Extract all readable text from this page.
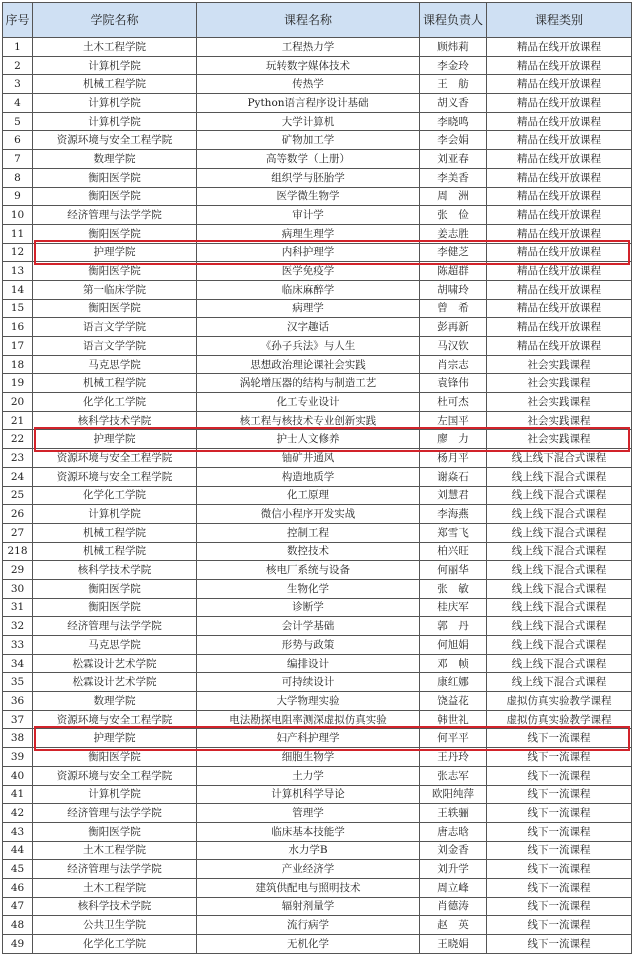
序号	学院名称	课程名称	课程负责人	课程类别
1	土木工程学院	工程热力学	顾炜莉	精品在线开放课程
2	计算机学院	玩转数字媒体技术	李金玲	精品在线开放课程
3	机械工程学院	传热学	王　舫	精品在线开放课程
4	计算机学院	Python语言程序设计基础	胡义香	精品在线开放课程
5	计算机学院	大学计算机	李晓鸣	精品在线开放课程
6	资源环境与安全工程学院	矿物加工学	李会娟	精品在线开放课程
7	数理学院	高等数学（上册）	刘亚春	精品在线开放课程
8	衡阳医学院	组织学与胚胎学	李美香	精品在线开放课程
9	衡阳医学院	医学微生物学	周　洲	精品在线开放课程
10	经济管理与法学学院	审计学	张　俭	精品在线开放课程
11	衡阳医学院	病理生理学	姜志胜	精品在线开放课程
12	护理学院	内科护理学	李健芝	精品在线开放课程
13	衡阳医学院	医学免疫学	陈超群	精品在线开放课程
14	第一临床学院	临床麻醉学	胡啸玲	精品在线开放课程
15	衡阳医学院	病理学	曾　希	精品在线开放课程
16	语言文学学院	汉字趣话	彭再新	精品在线开放课程
17	语言文学学院	《孙子兵法》与人生	马汉钦	精品在线开放课程
18	马克思学院	思想政治理论课社会实践	肖宗志	社会实践课程
19	机械工程学院	涡轮增压器的结构与制造工艺	袁锋伟	社会实践课程
20	化学化工学院	化工专业设计	杜可杰	社会实践课程
21	核科学技术学院	核工程与核技术专业创新实践	左国平	社会实践课程
22	护理学院	护士人文修养	廖　力	社会实践课程
23	资源环境与安全工程学院	铀矿井通风	杨月平	线上线下混合式课程
24	资源环境与安全工程学院	构造地质学	谢焱石	线上线下混合式课程
25	化学化工学院	化工原理	刘慧君	线上线下混合式课程
26	计算机学院	微信小程序开发实战	李海燕	线上线下混合式课程
27	机械工程学院	控制工程	郑雪飞	线上线下混合式课程
218	机械工程学院	数控技术	柏兴旺	线上线下混合式课程
29	核科学技术学院	核电厂系统与设备	何丽华	线上线下混合式课程
30	衡阳医学院	生物化学	张　敏	线上线下混合式课程
31	衡阳医学院	诊断学	桂庆军	线上线下混合式课程
32	经济管理与法学学院	会计学基础	郭　丹	线上线下混合式课程
33	马克思学院	形势与政策	何旭娟	线上线下混合式课程
34	松霖设计艺术学院	编排设计	邓　帧	线上线下混合式课程
35	松霖设计艺术学院	可持续设计	康红娜	线上线下混合式课程
36	数理学院	大学物理实验	饶益花	虚拟仿真实验教学课程
37	资源环境与安全工程学院	电法勘探电阻率测深虚拟仿真实验	韩世礼	虚拟仿真实验教学课程
38	护理学院	妇产科护理学	何平平	线下一流课程
39	衡阳医学院	细胞生物学	王丹玲	线下一流课程
40	资源环境与安全工程学院	土力学	张志军	线下一流课程
41	计算机学院	计算机科学导论	欧阳纯萍	线下一流课程
42	经济管理与法学学院	管理学	王轶骊	线下一流课程
43	衡阳医学院	临床基本技能学	唐志晗	线下一流课程
44	土木工程学院	水力学B	刘金香	线下一流课程
45	经济管理与法学学院	产业经济学	刘升学	线下一流课程
46	土木工程学院	建筑供配电与照明技术	周立峰	线下一流课程
47	核科学技术学院	辐射剂量学	肖德涛	线下一流课程
48	公共卫生学院	流行病学	赵　英	线下一流课程
49	化学化工学院	无机化学	王晓娟	线下一流课程
